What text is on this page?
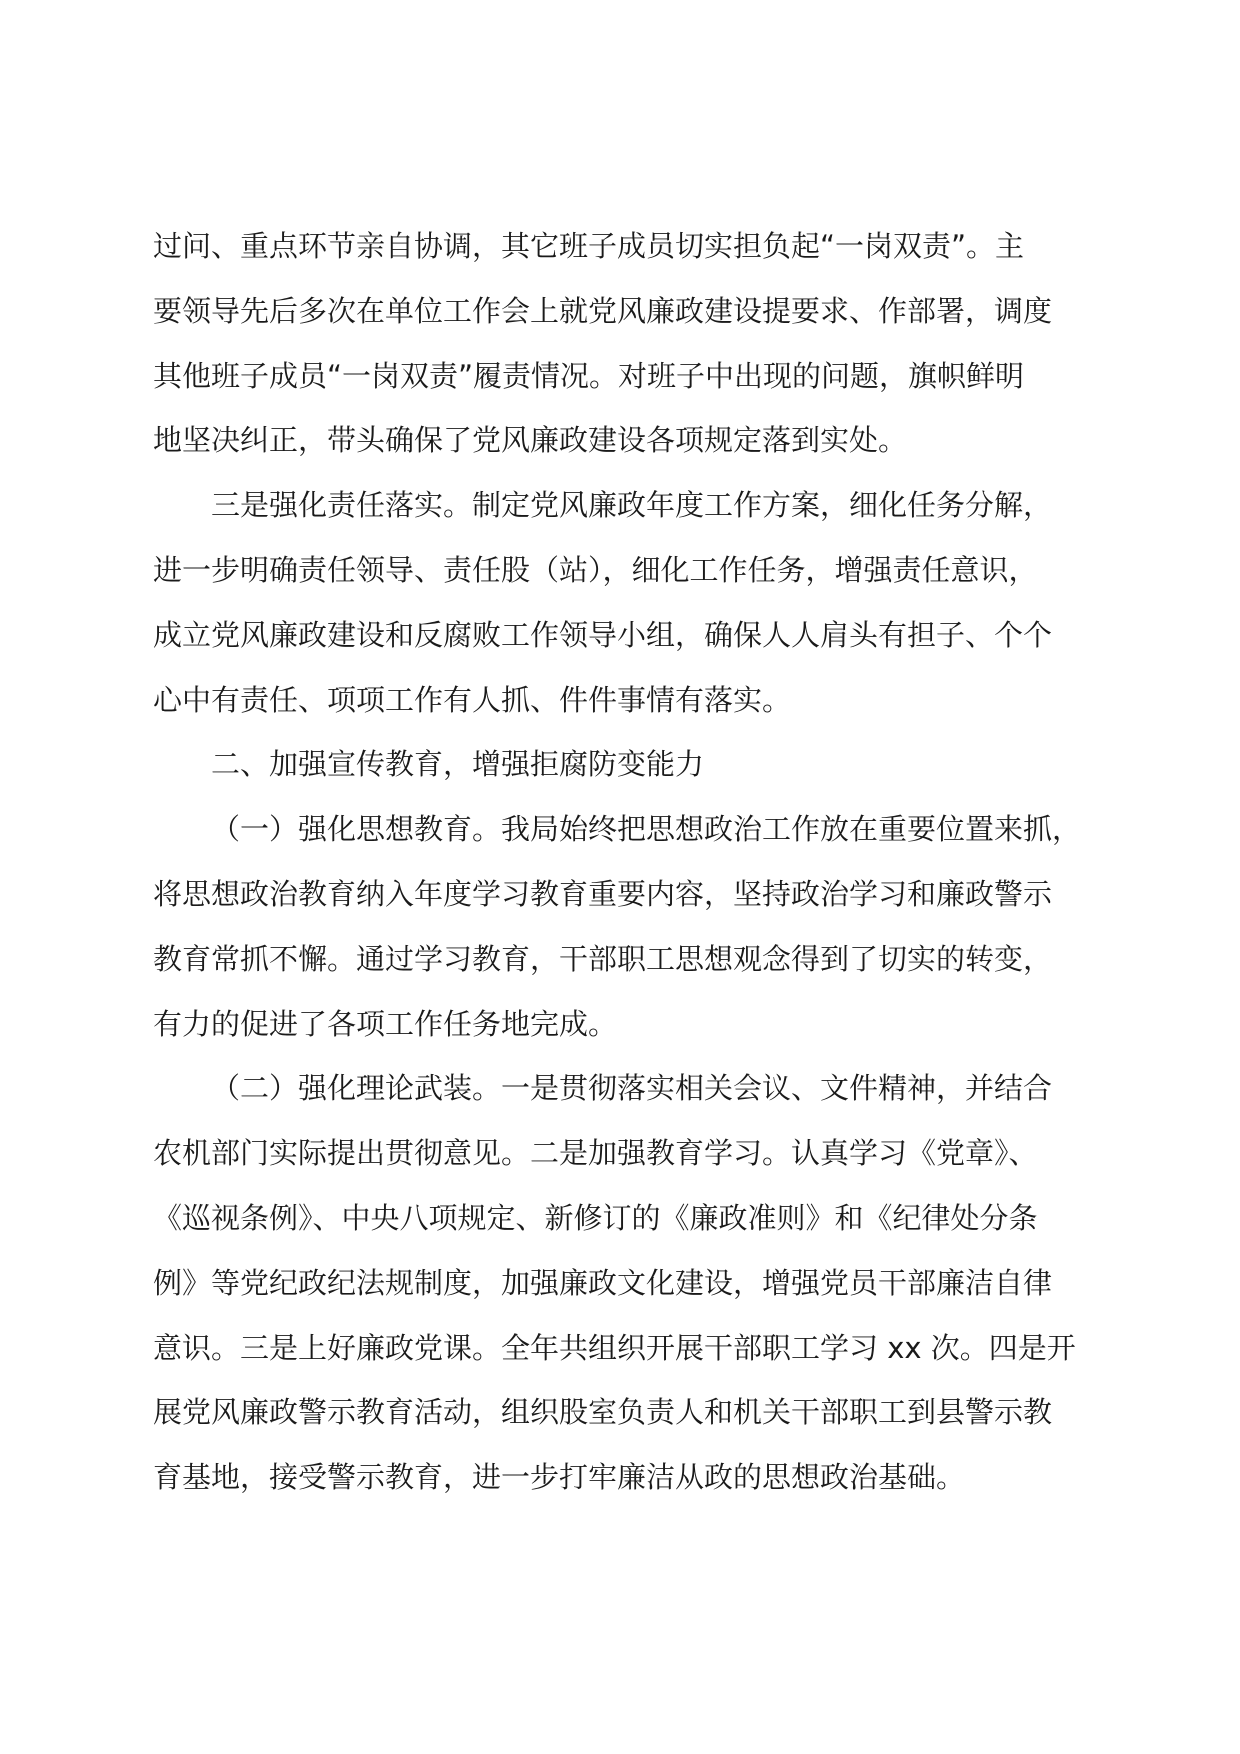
过问、重点环节亲自协调，其它班子成员切实担负起“一岗双责”。主
要领导先后多次在单位工作会上就党风廉政建设提要求、作部署，调度
其他班子成员“一岗双责”履责情况。对班子中出现的问题，旗帜鲜明
地坚决纠正，带头确保了党风廉政建设各项规定落到实处。
三是强化责任落实。制定党风廉政年度工作方案，细化任务分解，
进一步明确责任领导、责任股（站），细化工作任务，增强责任意识，
成立党风廉政建设和反腐败工作领导小组，确保人人肩头有担子、个个
心中有责任、项项工作有人抓、件件事情有落实。
二、加强宣传教育，增强拒腐防变能力
（一）强化思想教育。我局始终把思想政治工作放在重要位置来抓，
将思想政治教育纳入年度学习教育重要内容，坚持政治学习和廉政警示
教育常抓不懈。通过学习教育，干部职工思想观念得到了切实的转变，
有力的促进了各项工作任务地完成。
（二）强化理论武装。一是贯彻落实相关会议、文件精神，并结合
农机部门实际提出贯彻意见。二是加强教育学习。认真学习《党章》、
《巡视条例》、中央八项规定、新修订的《廉政准则》和《纪律处分条
例》等党纪政纪法规制度，加强廉政文化建设，增强党员干部廉洁自律
意识。三是上好廉政党课。全年共组织开展干部职工学习 xx 次。四是开
展党风廉政警示教育活动，组织股室负责人和机关干部职工到县警示教
育基地，接受警示教育，进一步打牢廉洁从政的思想政治基础。
